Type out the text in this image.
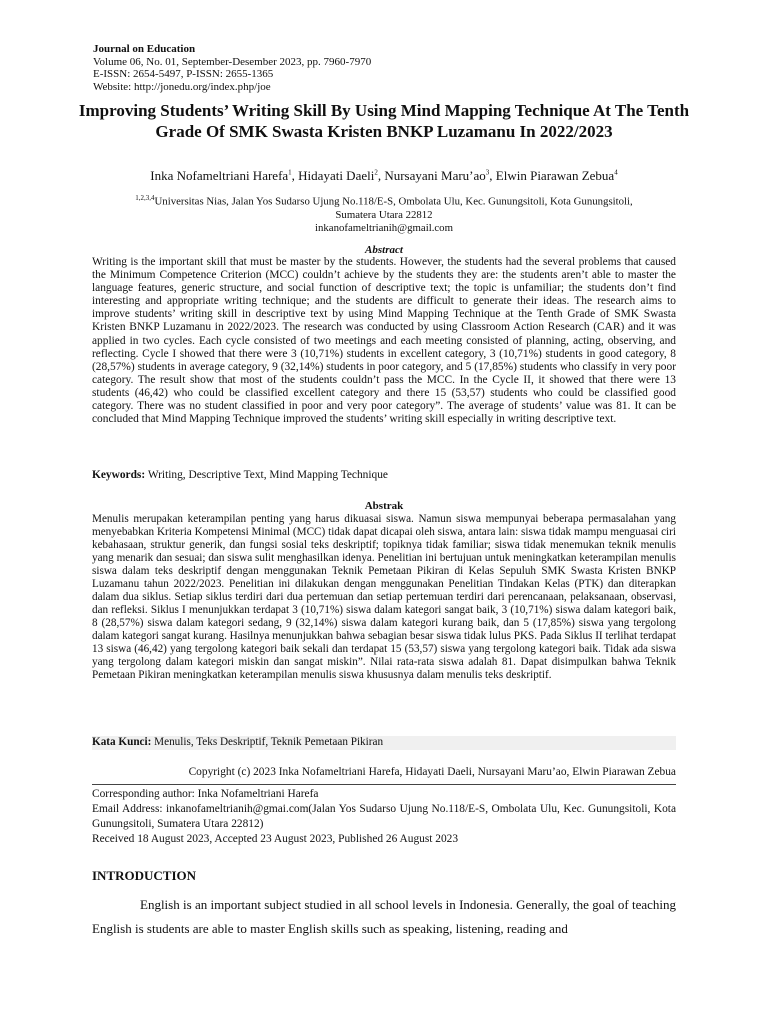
Journal on Education
Volume 06, No. 01, September-Desember 2023, pp. 7960-7970
E-ISSN: 2654-5497, P-ISSN: 2655-1365
Website: http://jonedu.org/index.php/joe
Improving Students’ Writing Skill By Using Mind Mapping Technique At The Tenth Grade Of SMK Swasta Kristen BNKP Luzamanu In 2022/2023
Inka Nofameltriani Harefa$^1$, Hidayati Daeli$^2$, Nursayani $Maru’ao^3$, Elwin Piarawan Zebua$^4$
$^{1,2,3,4}$Universitas Nias, Jalan Yos Sudarso Ujung No.118/E-S, Ombolata Ulu, Kec. Gunungsitoli, Kota Gunungsitoli,
Sumatera Utara 22812
inkanofameltrianih@gmail.com
Abstract
Writing is the important skill that must be master by the students. However, the students had the several problems that caused the Minimum Competence Criterion (MCC) couldn’t achieve by the students they are: the students aren’t able to master the language features, generic structure, and social function of descriptive text; the topic is unfamiliar; the students don’t find interesting and appropriate writing technique; and the students are difficult to generate their ideas. The research aims to improve students’ writing skill in descriptive text by using Mind Mapping Technique at the Tenth Grade of SMK Swasta Kristen BNKP Luzamanu in 2022/2023. The research was conducted by using Classroom Action Research (CAR) and it was applied in two cycles. Each cycle consisted of two meetings and each meeting consisted of planning, acting, observing, and reflecting. Cycle I showed that there were 3 (10,71%) students in excellent category, 3 (10,71%) students in good category, 8 (28,57%) students in average category, 9 (32,14%) students in poor category, and 5 (17,85%) students who classify in very poor category. The result show that most of the students couldn’t pass the MCC. In the Cycle II, it showed that there were 13 students (46,42) who could be classified excellent category and there 15 (53,57) students who could be classified good category. There was no student classified in poor and very poor category”. The average of students’ value was 81. It can be concluded that Mind Mapping Technique improved the students’ writing skill especially in writing descriptive text.
Keywords: Writing, Descriptive Text, Mind Mapping Technique
Abstrak
Menulis merupakan keterampilan penting yang harus dikuasai siswa. Namun siswa mempunyai beberapa permasalahan yang menyebabkan Kriteria Kompetensi Minimal (MCC) tidak dapat dicapai oleh siswa, antara lain: siswa tidak mampu menguasai ciri kebahasaan, struktur generik, dan fungsi sosial teks deskriptif; topiknya tidak familiar; siswa tidak menemukan teknik menulis yang menarik dan sesuai; dan siswa sulit menghasilkan idenya. Penelitian ini bertujuan untuk meningkatkan keterampilan menulis siswa dalam teks deskriptif dengan menggunakan Teknik Pemetaan Pikiran di Kelas Sepuluh SMK Swasta Kristen BNKP Luzamanu tahun 2022/2023. Penelitian ini dilakukan dengan menggunakan Penelitian Tindakan Kelas (PTK) dan diterapkan dalam dua siklus. Setiap siklus terdiri dari dua pertemuan dan setiap pertemuan terdiri dari perencanaan, pelaksanaan, observasi, dan refleksi. Siklus I menunjukkan terdapat 3 (10,71%) siswa dalam kategori sangat baik, 3 (10,71%) siswa dalam kategori baik, 8 (28,57%) siswa dalam kategori sedang, 9 (32,14%) siswa dalam kategori kurang baik, dan 5 (17,85%) siswa yang tergolong dalam kategori sangat kurang. Hasilnya menunjukkan bahwa sebagian besar siswa tidak lulus PKS. Pada Siklus II terlihat terdapat 13 siswa (46,42) yang tergolong kategori baik sekali dan terdapat 15 (53,57) siswa yang tergolong kategori baik. Tidak ada siswa yang tergolong dalam kategori miskin dan sangat miskin”. Nilai rata-rata siswa adalah 81. Dapat disimpulkan bahwa Teknik Pemetaan Pikiran meningkatkan keterampilan menulis siswa khususnya dalam menulis teks deskriptif.
Kata Kunci: Menulis, Teks Deskriptif, Teknik Pemetaan Pikiran
Copyright (c) 2023 Inka Nofameltriani Harefa, Hidayati Daeli, Nursayani Maru’ao, Elwin Piarawan Zebua
Corresponding author: Inka Nofameltriani Harefa
Email Address: inkanofameltrianih@gmai.com(Jalan Yos Sudarso Ujung No.118/E-S, Ombolata Ulu, Kec. Gunungsitoli, Kota Gunungsitoli, Sumatera Utara 22812)
Received 18 August 2023, Accepted 23 August 2023, Published 26 August 2023
INTRODUCTION
English is an important subject studied in all school levels in Indonesia. Generally, the goal of teaching English is students are able to master English skills such as speaking, listening, reading and
